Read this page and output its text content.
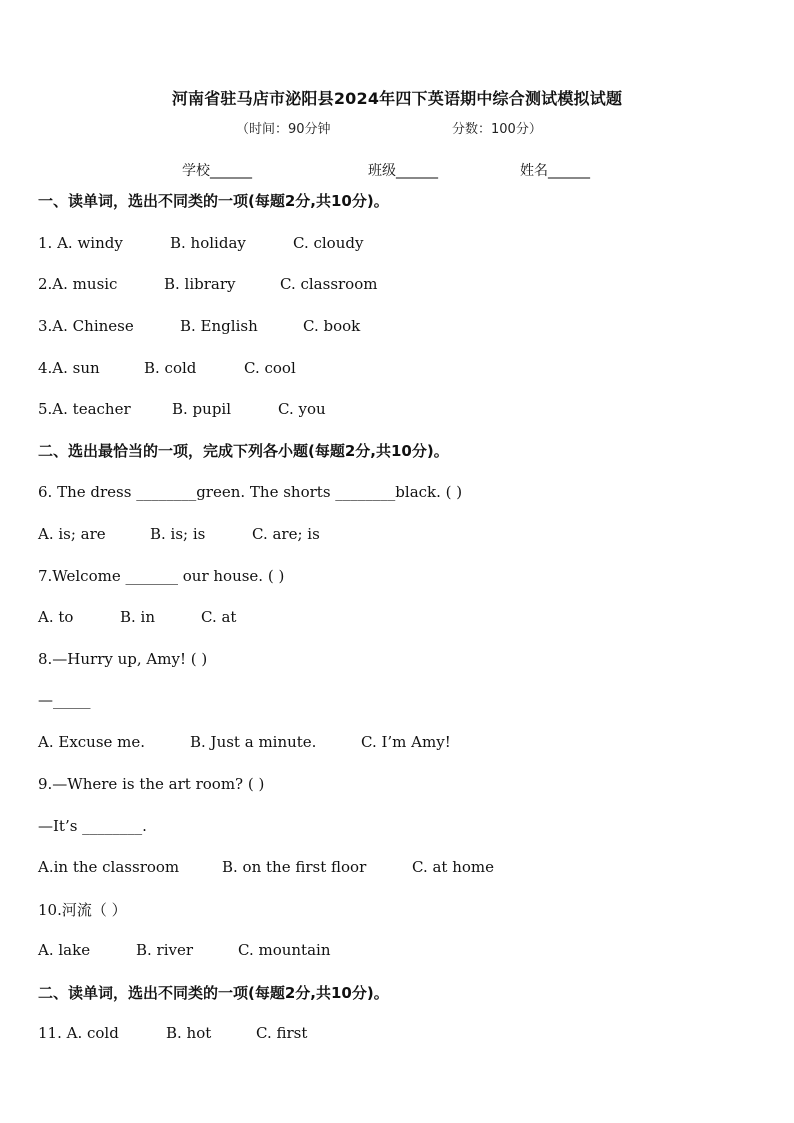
河南省驻马店市泌阳县2024年四下英语期中综合测试模拟试题
（时间：90分钟	分数：100分）
学校______	班级______	姓名______
一、读单词，选出不同类的一项(每题2分,共10分)。
1. A. windy	B. holiday	C. cloudy
2.A. music	B. library	C. classroom
3.A. Chinese	B. English	C. book
4.A. sun	B. cold	C. cool
5.A. teacher	B. pupil	C. you
二、选出最恰当的一项，完成下列各小题(每题2分,共10分)。
6. The dress ________green. The shorts ________black. ( )
A. is; are	B. is; is	C. are; is
7.Welcome _______ our house. ( )
A. to	B. in	C. at
8.—Hurry up, Amy! ( )
—_____
A. Excuse me.	B. Just a minute.	C. I’m Amy!
9.—Where is the art room? ( )
—It’s ________.
A.in the classroom	B. on the first floor	C. at home
10.河流（ ）
A. lake	B. river	C. mountain
二、读单词，选出不同类的一项(每题2分,共10分)。
11. A. cold	B. hot	C. first
